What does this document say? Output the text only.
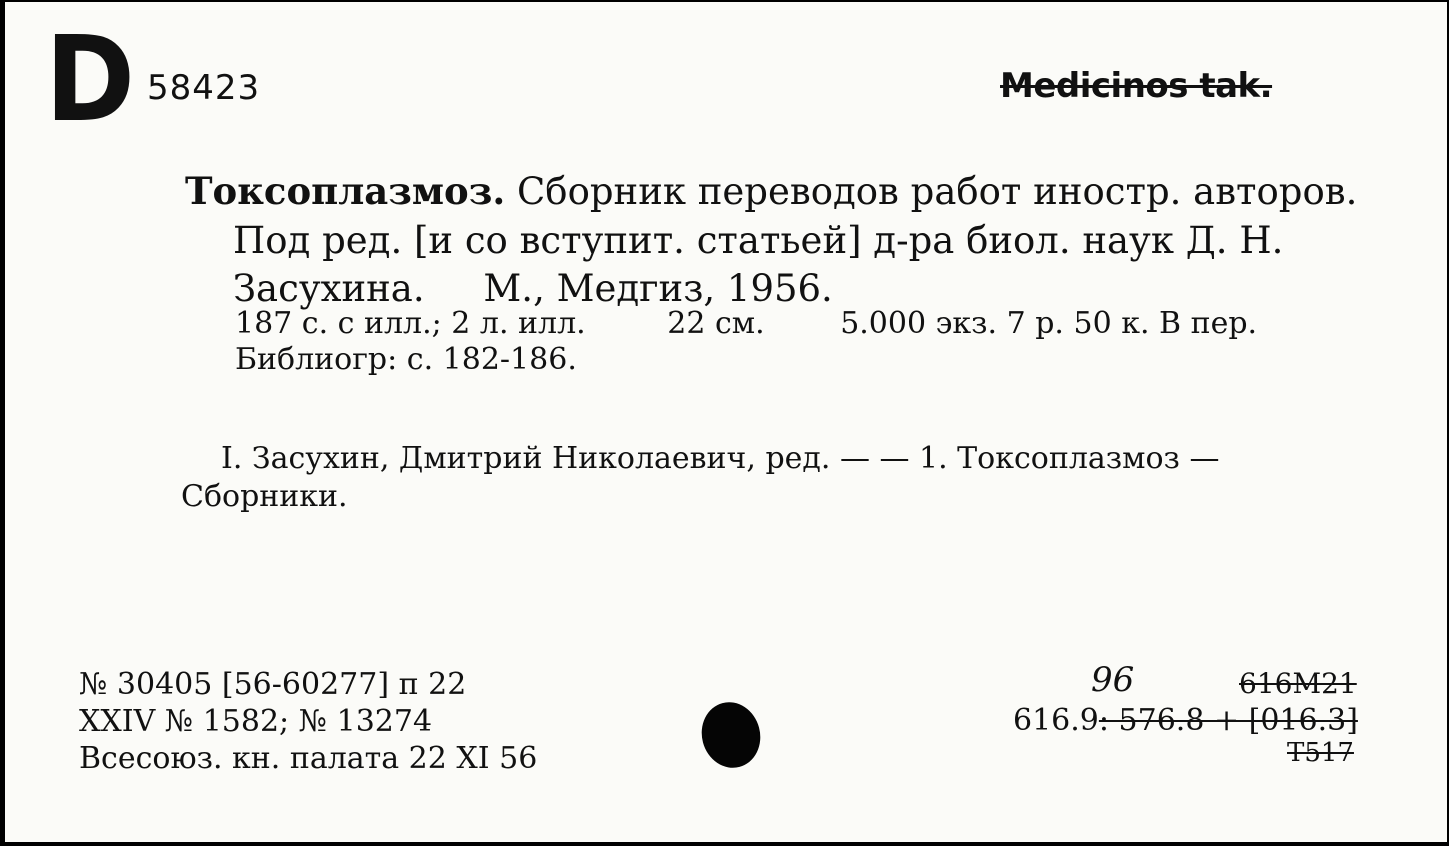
D 58423	Medicinos tak.
Токсоплазмоз. Сборник переводов работ иностр. авторов.
Под ред. [и со вступит. статьей] д-ра биол. наук Д. Н.
Засухина.     М., Медгиз, 1956.
187 с. с илл.; 2 л. илл.	22 см.	5.000 экз. 7 р. 50 к. В пер.
Библиогр: с. 182-186.
I. Засухин, Дмитрий Николаевич, ред. — — 1. Токсоплазмоз —
Сборники.
№ 30405 [56-60277] п 22
XXIV № 1582; № 13274
Всесоюз. кн. палата 22 XI 56
96	616M21
616.9: 576.8 + [016.3]
T517
